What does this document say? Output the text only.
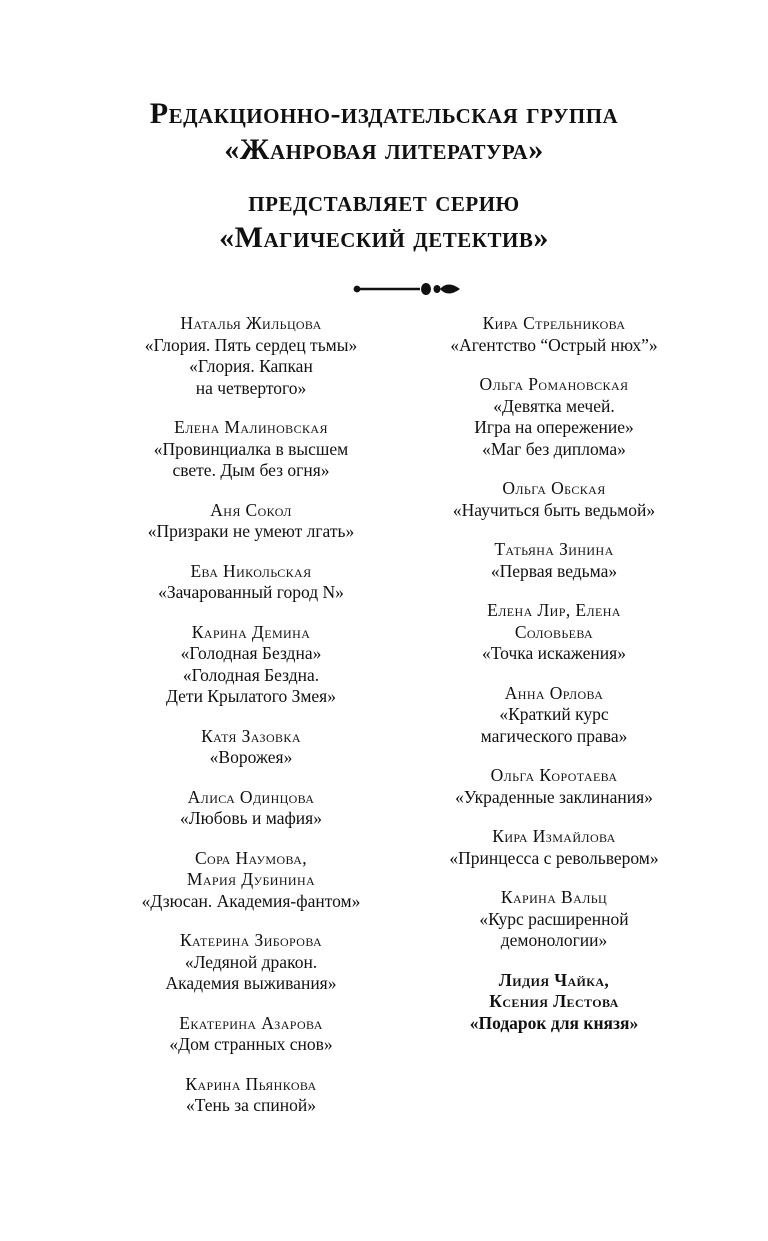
Редакционно-издательская группа
«Жанровая литература»
представляет серию
«Магический детектив»
Наталья Жильцова
«Глория. Пять сердец тьмы»
«Глория. Капкан
на четвертого»
Елена Малиновская
«Провинциалка в высшем
свете. Дым без огня»
Аня Сокол
«Призраки не умеют лгать»
Ева Никольская
«Зачарованный город N»
Карина Демина
«Голодная Бездна»
«Голодная Бездна.
Дети Крылатого Змея»
Катя Зазовка
«Ворожея»
Алиса Одинцова
«Любовь и мафия»
Сора Наумова,
Мария Дубинина
«Дзюсан. Академия-фантом»
Катерина Зиборова
«Ледяной дракон.
Академия выживания»
Екатерина Азарова
«Дом странных снов»
Карина Пьянкова
«Тень за спиной»
Кира Стрельникова
«Агентство “Острый нюх”»
Ольга Романовская
«Девятка мечей.
Игра на опережение»
«Маг без диплома»
Ольга Обская
«Научиться быть ведьмой»
Татьяна Зинина
«Первая ведьма»
Елена Лир, Елена
Соловьева
«Точка искажения»
Анна Орлова
«Краткий курс
магического права»
Ольга Коротаева
«Украденные заклинания»
Кира Измайлова
«Принцесса с револьвером»
Карина Вальц
«Курс расширенной
демонологии»
Лидия Чайка,
Ксения Лестова
«Подарок для князя»
